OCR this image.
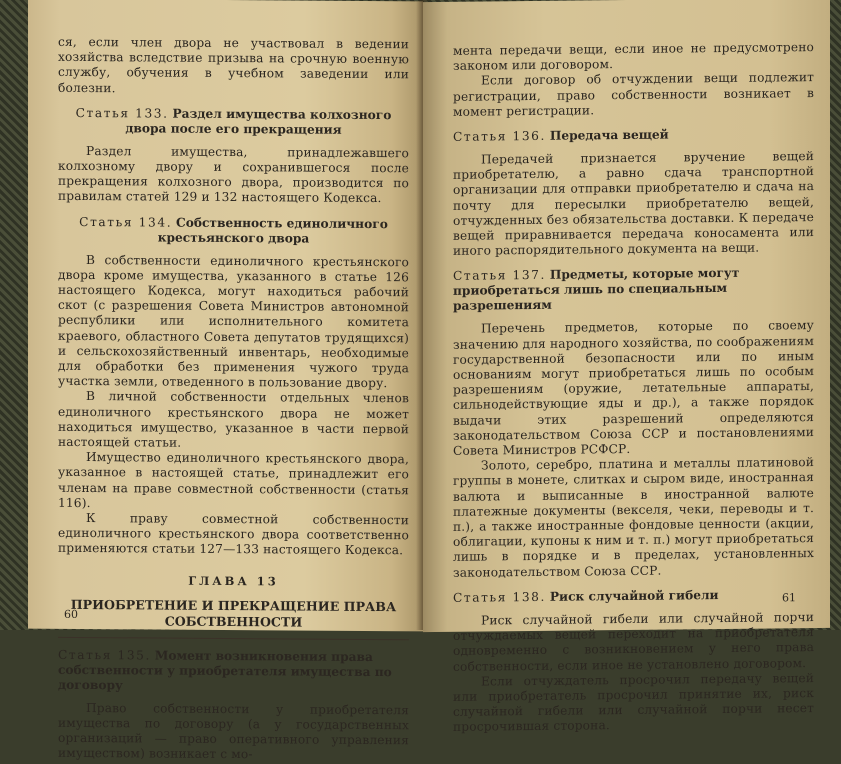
ся, если член двора не участвовал в ведении хозяйства вследствие призыва на срочную военную службу, обучения в учебном заведении или болезни.

Статья 133. Раздел имущества колхозного двора после его прекращения

Раздел имущества, принадлежавшего колхозному двору и сохранившегося после прекращения колхозного двора, производится по правилам статей 129 и 132 настоящего Кодекса.

Статья 134. Собственность единоличного крестьянского двора

В собственности единоличного крестьянского двора кроме имущества, указанного в статье 126 настоящего Кодекса, могут находиться рабочий скот (с разрешения Совета Министров автономной республики или исполнительного комитета краевого, областного Совета депутатов трудящихся) и сельскохозяйственный инвентарь, необходимые для обработки без применения чужого труда участка земли, отведенного в пользование двору.

В личной собственности отдельных членов единоличного крестьянского двора не может находиться имущество, указанное в части первой настоящей статьи.

Имущество единоличного крестьянского двора, указанное в настоящей статье, принадлежит его членам на праве совместной собственности (статья 116).

К праву совместной собственности единоличного крестьянского двора соответственно применяются статьи 127—133 настоящего Кодекса.

ГЛАВА 13
ПРИОБРЕТЕНИЕ И ПРЕКРАЩЕНИЕ ПРАВА СОБСТВЕННОСТИ
Статья 135. Момент возникновения права собственности у приобретателя имущества по договору

Право собственности у приобретателя имущества по договору (а у государственных организаций — право оперативного управления имуществом) возникает с мо-

60

мента передачи вещи, если иное не предусмотрено законом или договором.

Если договор об отчуждении вещи подлежит регистрации, право собственности возникает в момент регистрации.

Статья 136. Передача вещей

Передачей признается вручение вещей приобретателю, а равно сдача транспортной организации для отправки приобретателю и сдача на почту для пересылки приобретателю вещей, отчужденных без обязательства доставки. К передаче вещей приравнивается передача коносамента или иного распорядительного документа на вещи.

Статья 137. Предметы, которые могут приобретаться лишь по специальным разрешениям

Перечень предметов, которые по своему значению для народного хозяйства, по соображениям государственной безопасности или по иным основаниям могут приобретаться лишь по особым разрешениям (оружие, летательные аппараты, сильнодействующие яды и др.), а также порядок выдачи этих разрешений определяются законодательством Союза ССР и постановлениями Совета Министров РСФСР.

Золото, серебро, платина и металлы платиновой группы в монете, слитках и сыром виде, иностранная валюта и выписанные в иностранной валюте платежные документы (векселя, чеки, переводы и т. п.), а также иностранные фондовые ценности (акции, облигации, купоны к ним и т. п.) могут приобретаться лишь в порядке и в пределах, установленных законодательством Союза ССР.

Статья 138. Риск случайной гибели

Риск случайной гибели или случайной порчи отчуждаемых вещей переходит на приобретателя одновременно с возникновением у него права собственности, если иное не установлено договором.

Если отчуждатель просрочил передачу вещей или приобретатель просрочил принятие их, риск случайной гибели или случайной порчи несет просрочившая сторона.

61
